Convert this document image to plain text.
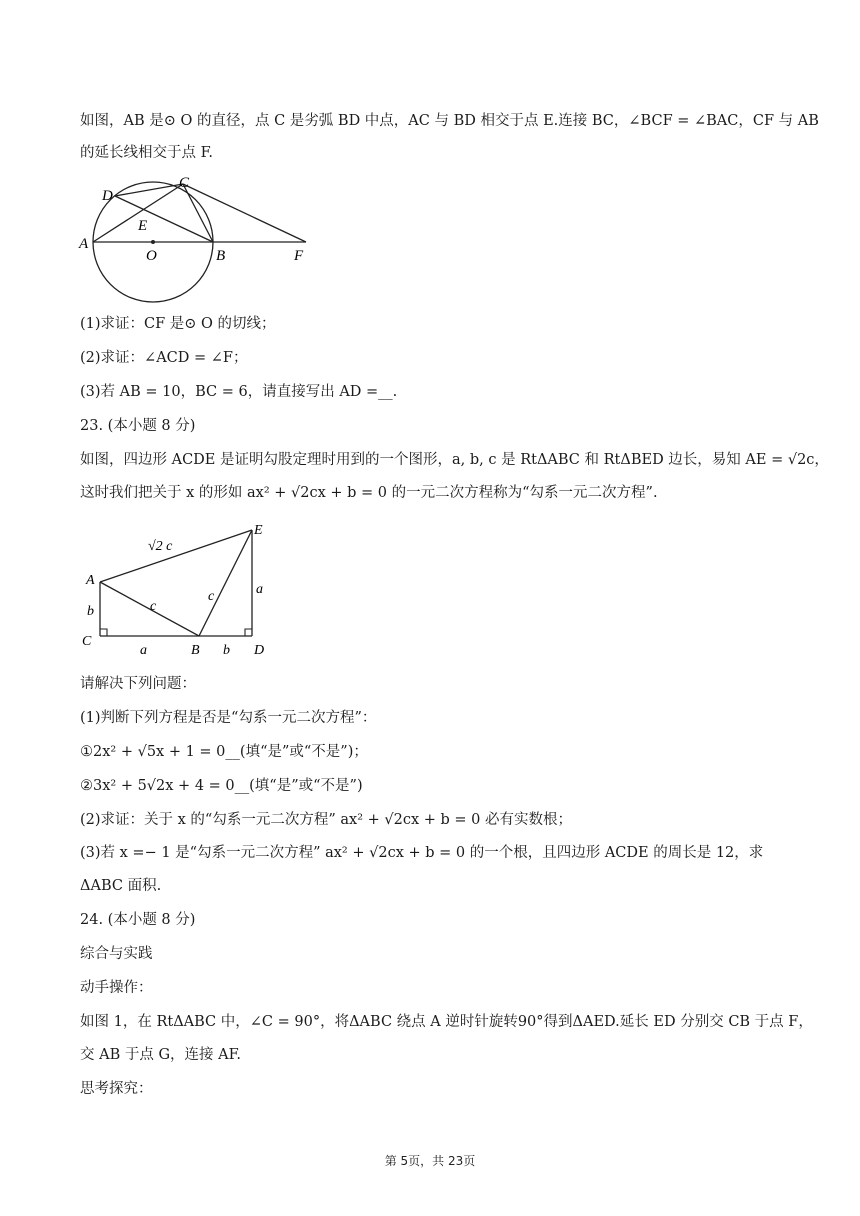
如图，AB 是⊙ O 的直径，点 C 是劣弧 BD 中点，AC 与 BD 相交于点 E.连接 BC，∠BCF = ∠BAC，CF 与 AB
的延长线相交于点 F.
A
D
C
E
O	B	F
(1)求证：CF 是⊙ O 的切线；
(2)求证：∠ACD = ∠F；
(3)若 AB = 10，BC = 6，请直接写出 AD =__.
23. (本小题 8 分)
如图，四边形 ACDE 是证明勾股定理时用到的一个图形，a, b, c 是 RtΔABC 和 RtΔBED 边长，易知 AE = √2c，
这时我们把关于 x 的形如 ax² + √2cx + b = 0 的一元二次方程称为“勾系一元二次方程”.
A
E
C
B	D
√2 c
b
a	b
c
c	a
请解决下列问题：
(1)判断下列方程是否是“勾系一元二次方程”：
①2x² + √5x + 1 = 0__(填“是”或“不是”)；
②3x² + 5√2x + 4 = 0__(填“是”或“不是”)
(2)求证：关于 x 的“勾系一元二次方程” ax² + √2cx + b = 0 必有实数根；
(3)若 x =− 1 是“勾系一元二次方程” ax² + √2cx + b = 0 的一个根，且四边形 ACDE 的周长是 12，求
ΔABC 面积.
24. (本小题 8 分)
综合与实践
动手操作：
如图 1，在 RtΔABC 中，∠C = 90°，将ΔABC 绕点 A 逆时针旋转90°得到ΔAED.延长 ED 分别交 CB 于点 F，
交 AB 于点 G，连接 AF.
思考探究：
第 5页，共 23页
